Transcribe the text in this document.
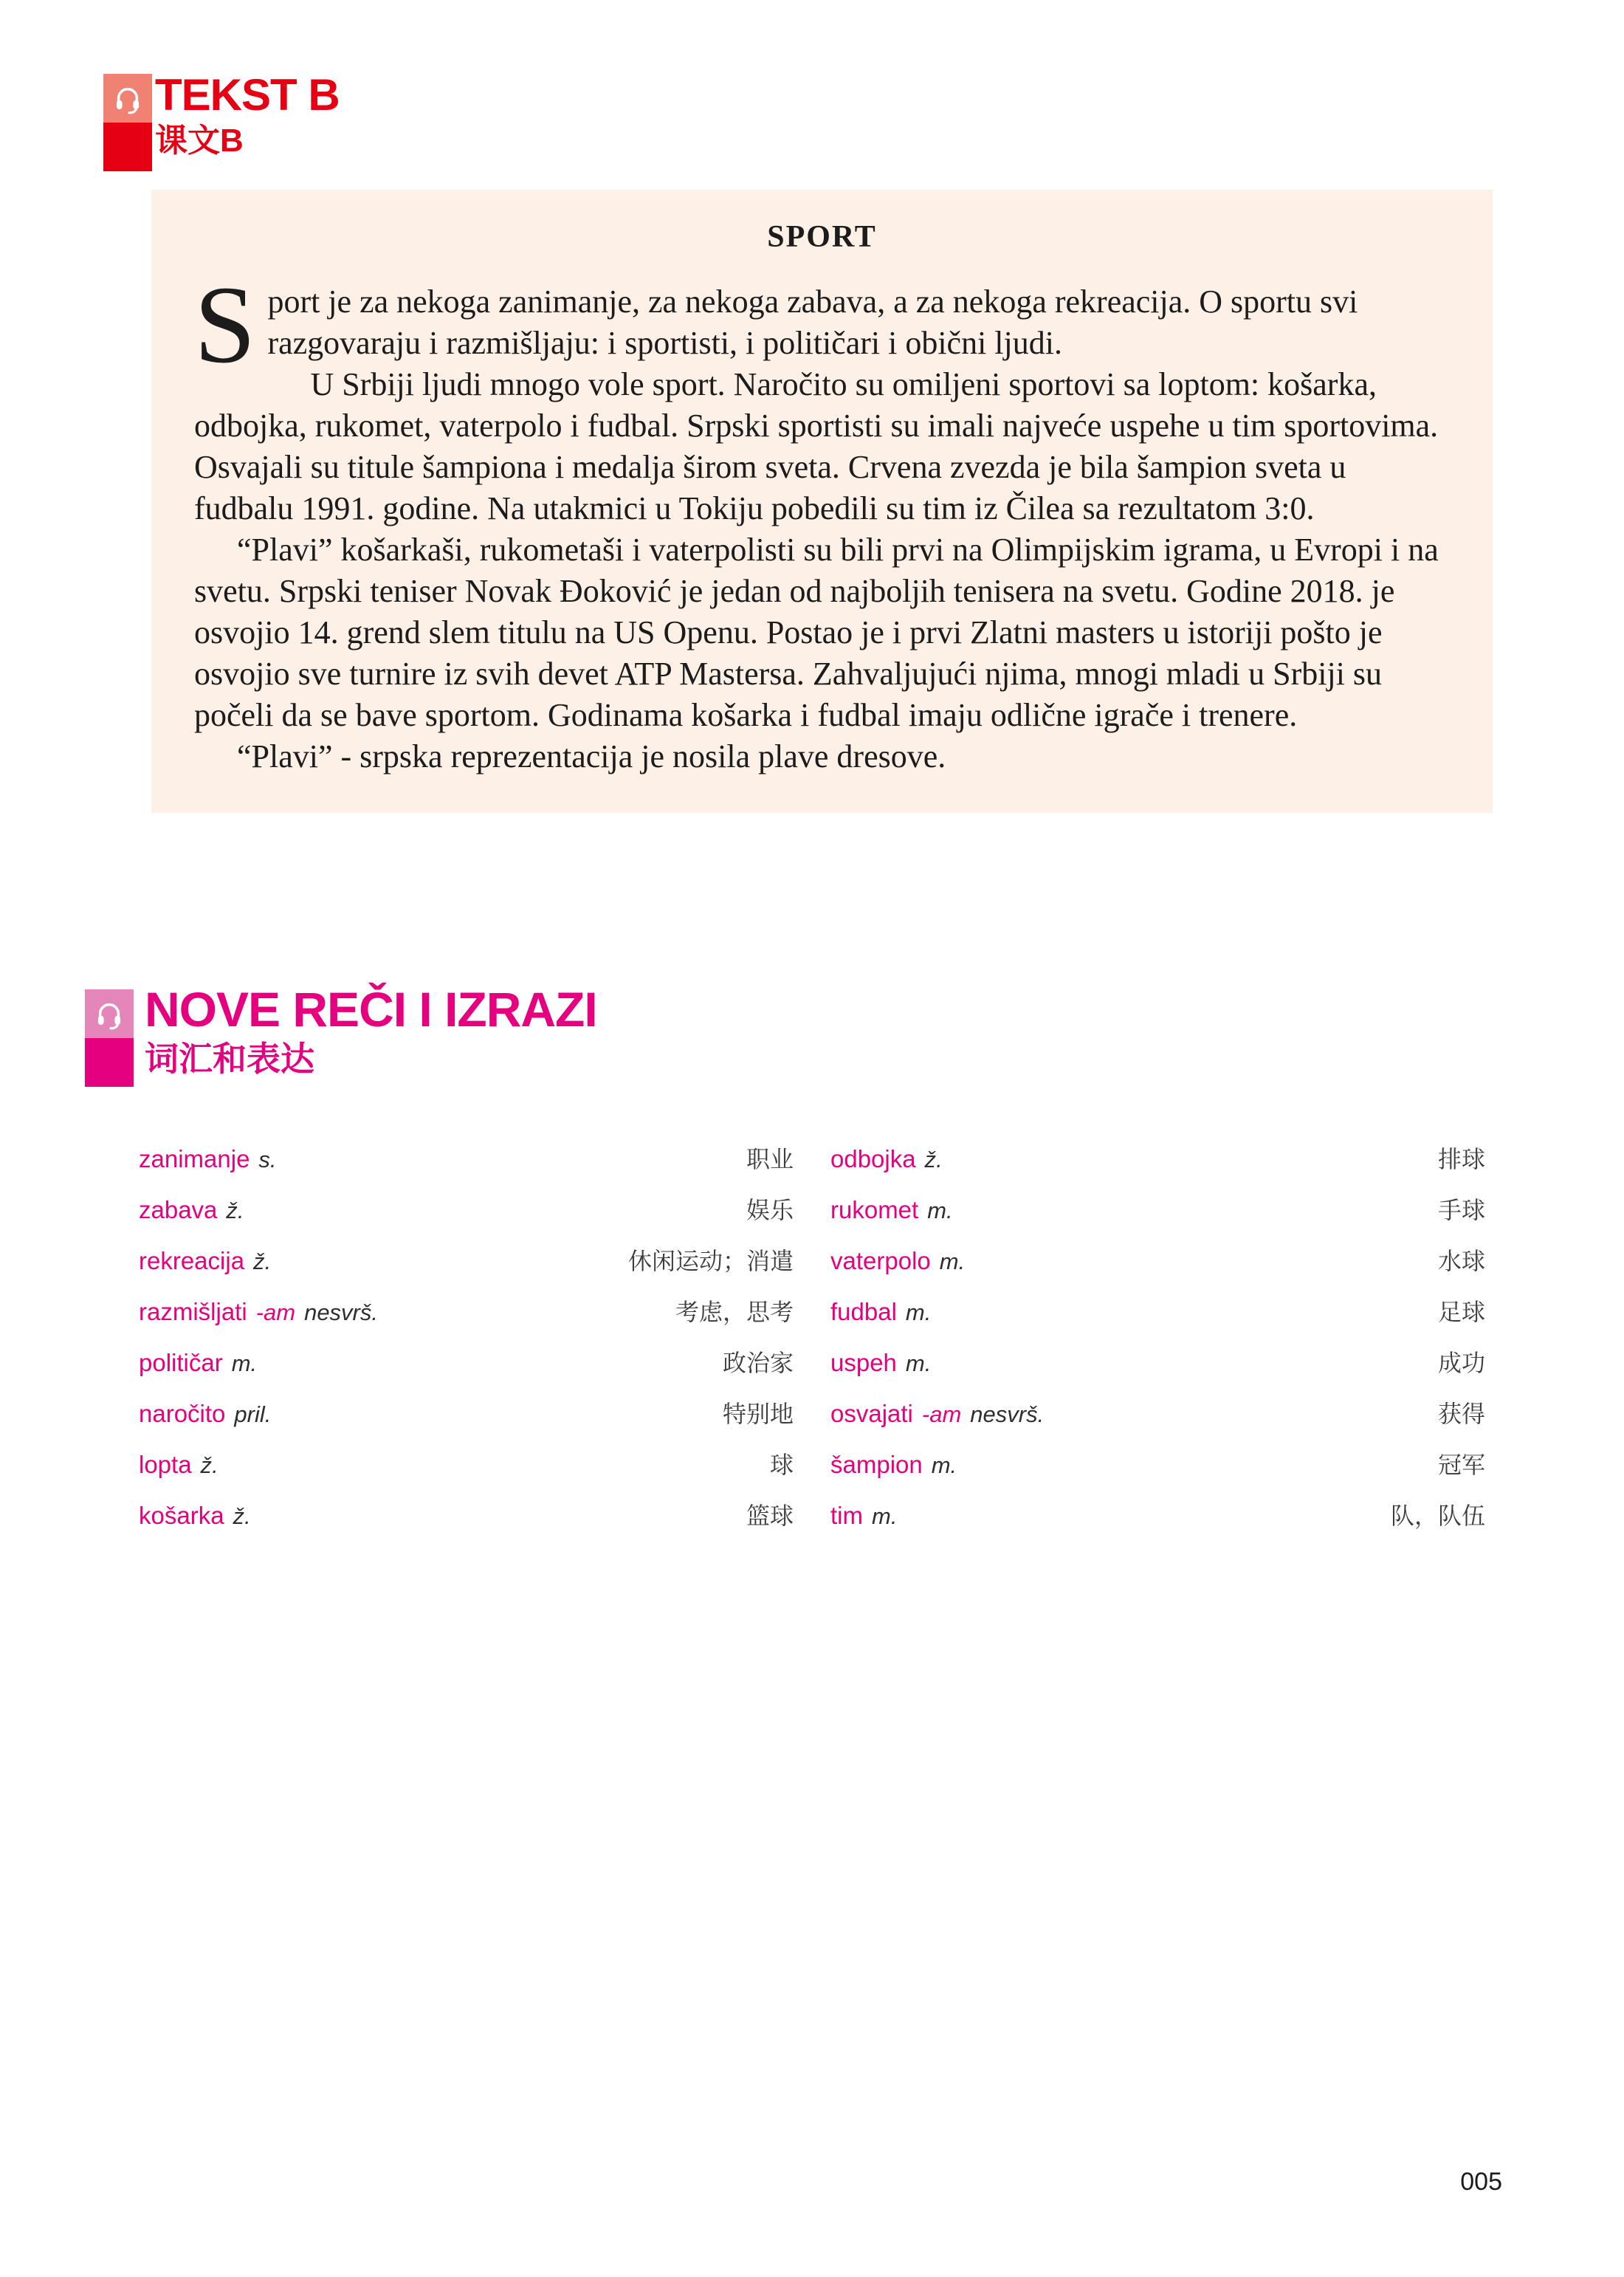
TEKST B
课文B
SPORT

Sport je za nekoga zanimanje, za nekoga zabava, a za nekoga rekreacija. O sportu svi razgovaraju i razmišljaju: i sportisti, i političari i obični ljudi.

U Srbiji ljudi mnogo vole sport. Naročito su omiljeni sportovi sa loptom: košarka, odbojka, rukomet, vaterpolo i fudbal. Srpski sportisti su imali najveće uspehe u tim sportovima. Osvajali su titule šampiona i medalja širom sveta. Crvena zvezda je bila šampion sveta u fudbalu 1991. godine. Na utakmici u Tokiju pobedili su tim iz Čilea sa rezultatom 3:0.

“Plavi” košarkaši, rukometaši i vaterpolisti su bili prvi na Olimpijskim igrama, u Evropi i na svetu. Srpski teniser Novak Đoković je jedan od najboljih tenisera na svetu. Godine 2018. je osvojio 14. grend slem titulu na US Openu. Postao je i prvi Zlatni masters u istoriji pošto je osvojio sve turnire iz svih devet ATP Mastersa. Zahvaljujući njima, mnogi mladi u Srbiji su počeli da se bave sportom. Godinama košarka i fudbal imaju odlične igrače i trenere.

“Plavi” - srpska reprezentacija je nosila plave dresove.

NOVE REČI I IZRAZI
词汇和表达
zanimanje s.	职业
zabava ž.	娱乐
rekreacija ž.	休闲运动；消遣
razmišljati -am nesvrš.	考虑，思考
političar m.	政治家
naročito pril.	特别地
lopta ž.	球
košarka ž.	篮球
odbojka ž.	排球
rukomet m.	手球
vaterpolo m.	水球
fudbal m.	足球
uspeh m.	成功
osvajati -am nesvrš.	获得
šampion m.	冠军
tim m.	队，队伍
005
